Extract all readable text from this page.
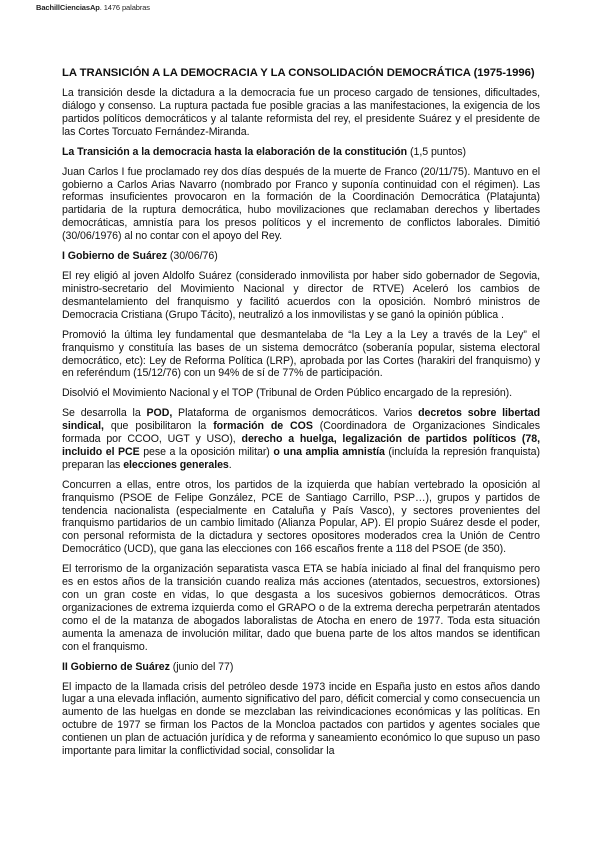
BachillCienciasAp. 1476 palabras
LA TRANSICIÓN A LA DEMOCRACIA Y LA CONSOLIDACIÓN DEMOCRÁTICA (1975-1996)

La transición desde la dictadura a la democracia fue un proceso cargado de tensiones, dificultades, diálogo y consenso. La ruptura pactada fue posible gracias a las manifestaciones, la exigencia de los partidos políticos democráticos y al talante reformista del rey, el presidente Suárez y el presidente de las Cortes Torcuato Fernández-Miranda.

La Transición a la democracia hasta la elaboración de la constitución (1,5 puntos)

Juan Carlos I fue proclamado rey dos días después de la muerte de Franco (20/11/75). Mantuvo en el gobierno a Carlos Arias Navarro (nombrado por Franco y suponía continuidad con el régimen). Las reformas insuficientes provocaron en la formación de la Coordinación Democrática (Platajunta) partidaria de la ruptura democrática, hubo movilizaciones que reclamaban derechos y libertades democráticas, amnistía para los presos políticos y el incremento de conflictos laborales. Dimitió (30/06/1976) al no contar con el apoyo del Rey.

I Gobierno de Suárez (30/06/76)

El rey eligió al joven Aldolfo Suárez (considerado inmovilista por haber sido gobernador de Segovia, ministro-secretario del Movimiento Nacional y director de RTVE) Aceleró los cambios de desmantelamiento del franquismo y facilitó acuerdos con la oposición. Nombró ministros de Democracia Cristiana (Grupo Tácito), neutralizó a los inmovilistas y se ganó la opinión pública .

Promovió la última ley fundamental que desmantelaba de “la Ley a la Ley a través de la Ley” el franquismo y constituía las bases de un sistema democrátco (soberanía popular, sistema electoral democrático, etc): Ley de Reforma Política (LRP), aprobada por las Cortes (harakiri del franquismo) y en referéndum (15/12/76) con un 94% de sí de 77% de participación.

Disolvió el Movimiento Nacional y el TOP (Tribunal de Orden Público encargado de la represión).

Se desarrolla la POD, Plataforma de organismos democráticos. Varios decretos sobre libertad sindical, que posibilitaron la formación de COS (Coordinadora de Organizaciones Sindicales formada por CCOO, UGT y USO), derecho a huelga, legalización de partidos políticos (78, incluido el PCE pese a la oposición militar) o una amplia amnistía (incluída la represión franquista) preparan las elecciones generales.

Concurren a ellas, entre otros, los partidos de la izquierda que habían vertebrado la oposición al franquismo (PSOE de Felipe González, PCE de Santiago Carrillo, PSP…), grupos y partidos de tendencia nacionalista (especialmente en Cataluña y País Vasco), y sectores provenientes del franquismo partidarios de un cambio limitado (Alianza Popular, AP). El propio Suárez desde el poder, con personal reformista de la dictadura y sectores opositores moderados crea la Unión de Centro Democrático (UCD), que gana las elecciones con 166 escaños frente a 118 del PSOE (de 350).

El terrorismo de la organización separatista vasca ETA se había iniciado al final del franquismo pero es en estos años de la transición cuando realiza más acciones (atentados, secuestros, extorsiones) con un gran coste en vidas, lo que desgasta a los sucesivos gobiernos democráticos. Otras organizaciones de extrema izquierda como el GRAPO o de la extrema derecha perpetrarán atentados como el de la matanza de abogados laboralistas de Atocha en enero de 1977. Toda esta situación aumenta la amenaza de involución militar, dado que buena parte de los altos mandos se identifican con el franquismo.

II Gobierno de Suárez (junio del 77)

El impacto de la llamada crisis del petróleo desde 1973 incide en España justo en estos años dando lugar a una elevada inflación, aumento significativo del paro, déficit comercial y como consecuencia un aumento de las huelgas en donde se mezclaban las reivindicaciones económicas y las políticas. En octubre de 1977 se firman los Pactos de la Moncloa pactados con partidos y agentes sociales que contienen un plan de actuación jurídica y de reforma y saneamiento económico lo que supuso un paso importante para limitar la conflictividad social, consolidar la
